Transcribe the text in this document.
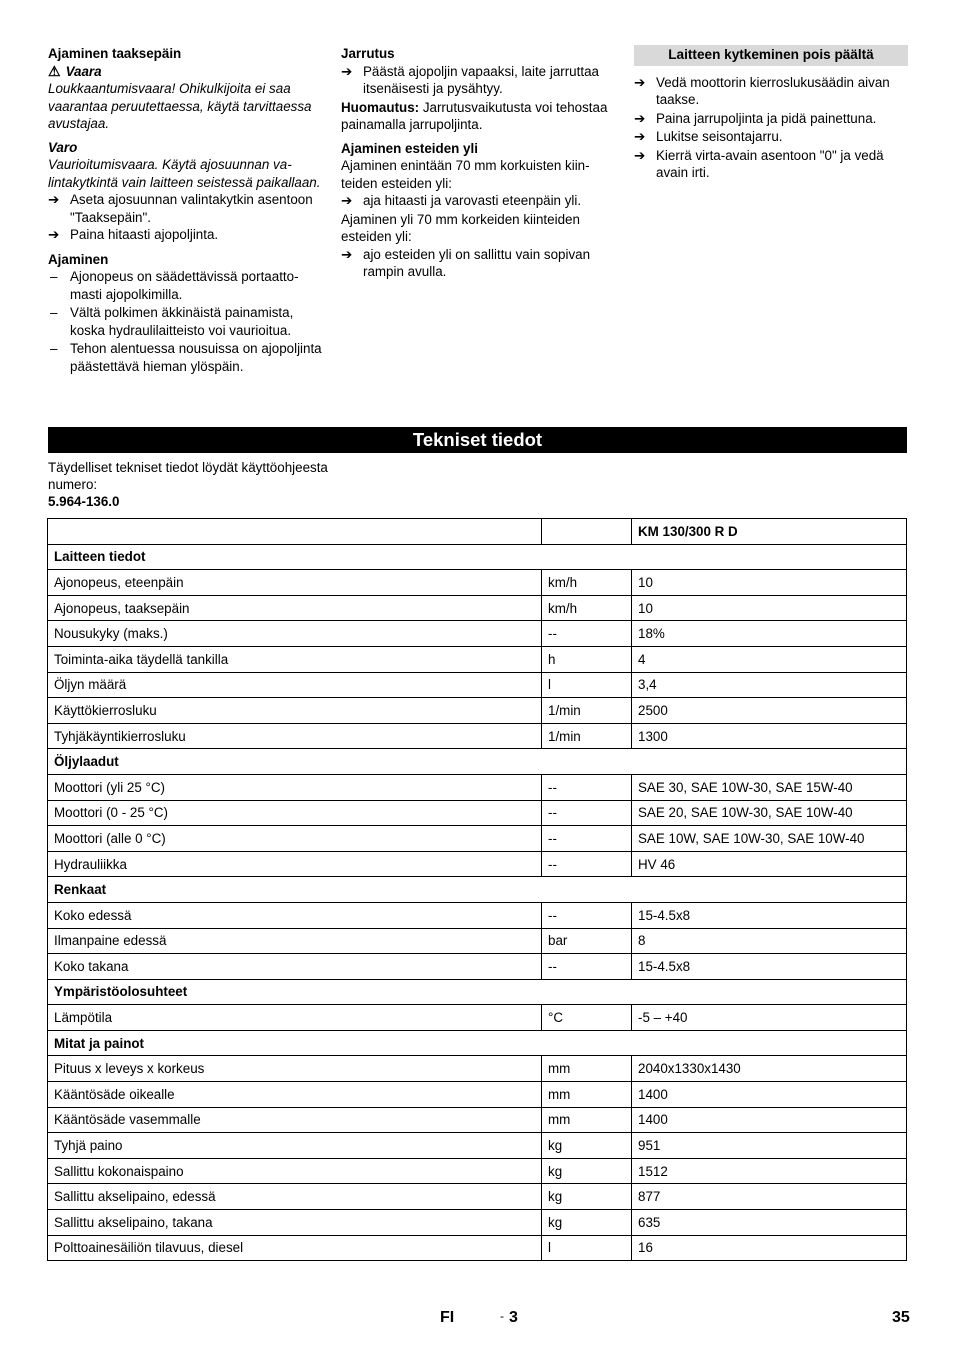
Ajaminen taaksepäin

⚠ Vaara
Loukkaantumisvaara! Ohikulkijoita ei saa vaarantaa peruutettaessa, käytä tarvittaessa avustajaa.
Varo
Vaurioitumisvaara. Käytä ajosuunnan valintakytkintä vain laitteen seistessä paikallaan.
➔ Aseta ajosuunnan valintakytkin asentoon "Taaksepäin".
➔ Paina hitaasti ajopoljinta.

Ajaminen

– Ajonopeus on säädettävissä portaattomasti ajopolkimilla.
– Vältä polkimen äkkinäistä painamista, koska hydraulilaitteisto voi vaurioitua.
– Tehon alentuessa nousuissa on ajopoljinta päästettävä hieman ylöspäin.

Jarrutus

➔ Päästä ajopoljin vapaaksi, laite jarruttaa itsenäisesti ja pysähtyy.
Huomautus: Jarrutusvaikutusta voi tehostaa painamalla jarrupoljinta.

Ajaminen esteiden yli

Ajaminen enintään 70 mm korkuisten kiinteiden esteiden yli:
➔ aja hitaasti ja varovasti eteenpäin yli.
Ajaminen yli 70 mm korkeiden kiinteiden esteiden yli:
➔ ajo esteiden yli on sallittu vain sopivan rampin avulla.
Laitteen kytkeminen pois päältä
➔ Vedä moottorin kierroslukusäädin aivan taakse.
➔ Paina jarrupoljinta ja pidä painettuna.
➔ Lukitse seisontajarru.
➔ Kierrä virta-avain asentoon "0" ja vedä avain irti.
Tekniset tiedot
Täydelliset tekniset tiedot löydät käyttöohjeesta numero:
5.964-136.0
		KM 130/300 R D
Laitteen tiedot		
Ajonopeus, eteenpäin	km/h	10
Ajonopeus, taaksepäin	km/h	10
Nousukyky (maks.)	--	18%
Toiminta-aika täydellä tankilla	h	4
Öljyn määrä	l	3,4
Käyttökierrosluku	1/min	2500
Tyhjäkäyntikierrosluku	1/min	1300
Öljylaadut		
Moottori (yli 25 °C)	--	SAE 30, SAE 10W-30, SAE 15W-40
Moottori (0 - 25 °C)	--	SAE 20, SAE 10W-30, SAE 10W-40
Moottori (alle 0 °C)	--	SAE 10W, SAE 10W-30, SAE 10W-40
Hydrauliikka	--	HV 46
Renkaat		
Koko edessä	--	15-4.5x8
Ilmanpaine edessä	bar	8
Koko takana	--	15-4.5x8
Ympäristöolosuhteet		
Lämpötila	°C	-5 – +40
Mitat ja painot		
Pituus x leveys x korkeus	mm	2040x1330x1430
Kääntösäde oikealle	mm	1400
Kääntösäde vasemmalle	mm	1400
Tyhjä paino	kg	951
Sallittu kokonaispaino	kg	1512
Sallittu akselipaino, edessä	kg	877
Sallittu akselipaino, takana	kg	635
Polttoainesäiliön tilavuus, diesel	l	16
FI	- 3	35
